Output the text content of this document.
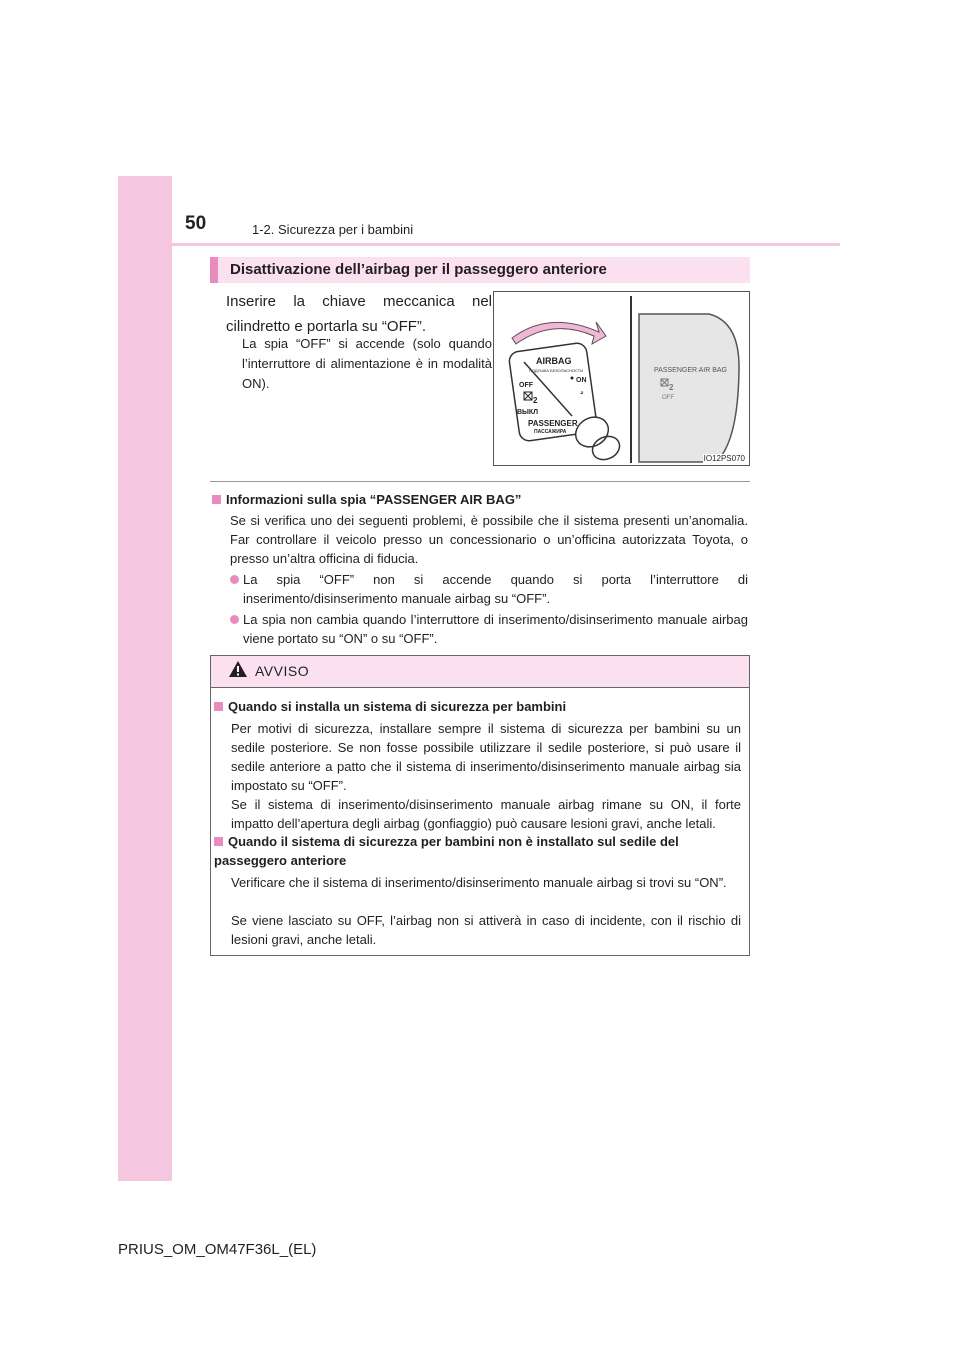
50	1-2. Sicurezza per i bambini
Disattivazione dell’airbag per il passeggero anteriore
Inserire la chiave meccanica nel cilindretto e portarla su “OFF”.
La spia “OFF” si accende (solo quando l’interruttore di alimentazione è in modalità ON).
AIRBAG
ПОДУШКА БЕЗОПАСНОСТИ
OFF
ON
2
₂
ВЫКЛ
PASSENGER
ПАССАЖИРА
PASSENGER AIR BAG
2
OFF
IO12PS070
Informazioni sulla spia “PASSENGER AIR BAG”
Se si verifica uno dei seguenti problemi, è possibile che il sistema presenti un’anomalia. Far controllare il veicolo presso un concessionario o un’officina autorizzata Toyota, o presso un’altra officina di fiducia.
La spia “OFF” non si accende quando si porta l’interruttore di inserimento/disinserimento manuale airbag su “OFF”.
La spia non cambia quando l’interruttore di inserimento/disinserimento manuale airbag viene portato su “ON” o su “OFF”.
AVVISO
Quando si installa un sistema di sicurezza per bambini
Per motivi di sicurezza, installare sempre il sistema di sicurezza per bambini su un sedile posteriore. Se non fosse possibile utilizzare il sedile posteriore, si può usare il sedile anteriore a patto che il sistema di inserimento/disinserimento manuale airbag sia impostato su “OFF”.
Se il sistema di inserimento/disinserimento manuale airbag rimane su ON, il forte impatto dell’apertura degli airbag (gonfiaggio) può causare lesioni gravi, anche letali.
Quando il sistema di sicurezza per bambini non è installato sul sedile del passeggero anteriore
Verificare che il sistema di inserimento/disinserimento manuale airbag si trovi su “ON”.
Se viene lasciato su OFF, l’airbag non si attiverà in caso di incidente, con il rischio di lesioni gravi, anche letali.
PRIUS_OM_OM47F36L_(EL)
